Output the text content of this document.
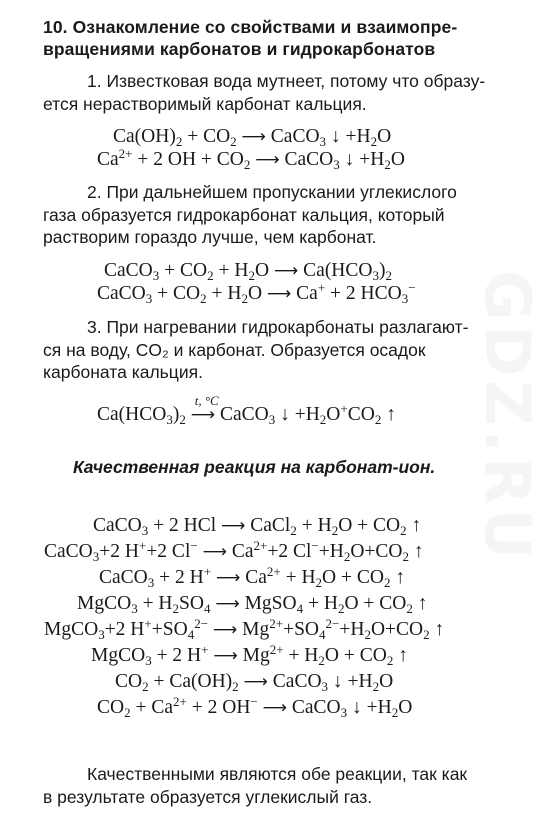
10. Ознакомление со свойствами и взаимопре-
вращениями карбонатов и гидрокарбонатов
1. Известковая вода мутнеет, потому что образу-
ется нерастворимый карбонат кальция.
$Ca(OH)_2 + CO_2$ ⟶ CaCO$_3$ ↓ $+H_2O$
$Ca^{2+} + 2$ OH + $CO_2$ ⟶ CaCO$_3$ ↓ $+H_2O$
2. При дальнейшем пропускании углекислого
газа образуется гидрокарбонат кальция, который
растворим гораздо лучше, чем карбонат.
CaCO$_3$ + $CO_2 + H_2O$ ⟶ $Ca(HCO_3)_2$
CaCO$_3$ + $CO_2 + H_2O$ ⟶ Ca+ + 2 $HCO_3^-$
3. При нагревании гидрокарбонаты разлагают-
ся на воду, CO₂ и карбонат. Образуется осадок
карбоната кальция.
$Ca(HCO_3)_2$
t, °C
⟶ CaCO$_3$ ↓ $+H_2O^+CO_2$ ↑
Качественная реакция на карбонат-ион.
CaCO$_3$ + 2 HCl ⟶ CaCl$_2$ + $H_2O + CO_2$ ↑
CaCO$_3$+2 H++2 Cl− ⟶ $Ca^{2+}+2$ $Cl^-+H_2O+CO_2$ ↑
CaCO$_3$ + 2 H+ ⟶ $Ca^{2+} + H_2O + CO_2$ ↑
MgCO$_3$ + $H_2SO_4$ ⟶ MgSO$_4$ + $H_2O + CO_2$ ↑
MgCO$_3$+2 $H^++SO_4^{2-}$ ⟶ $Mg^{2+}+SO_4^{2-}+H_2O+CO_2$ ↑
MgCO$_3$ + 2 H+ ⟶ $Mg^{2+} + H_2O + CO_2$ ↑
$CO_2 + Ca(OH)_2$ ⟶ CaCO$_3$ ↓ $+H_2O$
$CO_2 + Ca^{2+} + 2$ OH− ⟶ CaCO$_3$ ↓ $+H_2O$
Качественными являются обе реакции, так как
в результате образуется углекислый газ.
GDZ.RU
